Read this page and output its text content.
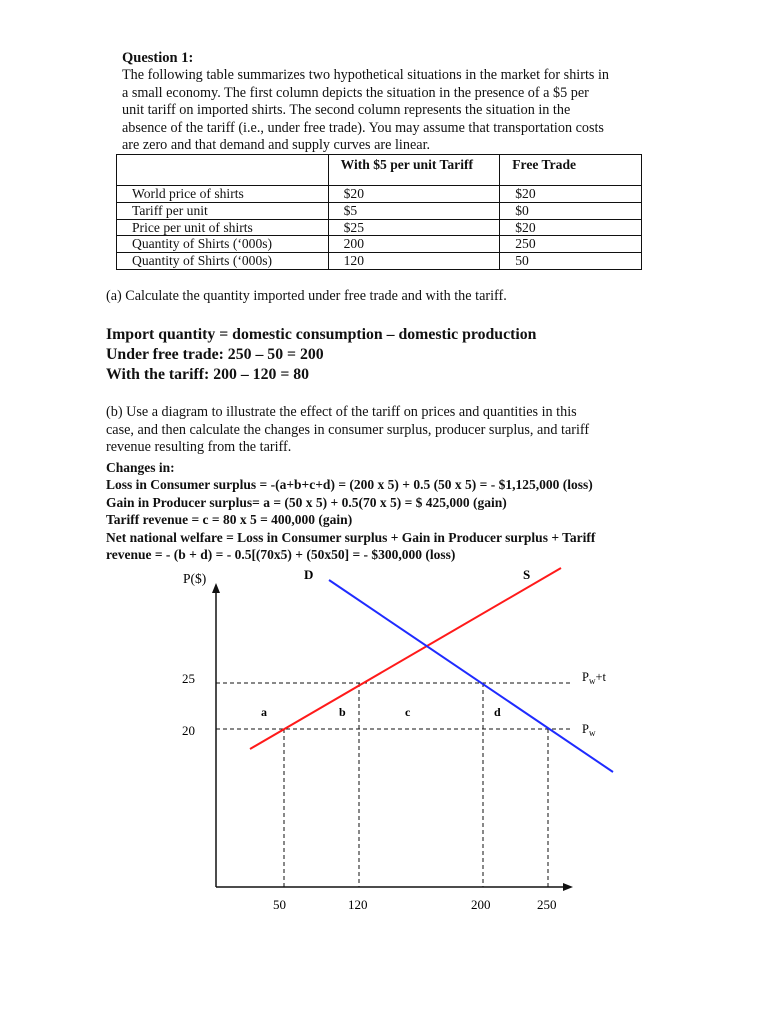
Question 1:
The following table summarizes two hypothetical situations in the market for shirts in
a small economy. The first column depicts the situation in the presence of a $5 per
unit tariff on imported shirts. The second column represents the situation in the
absence of the tariff (i.e., under free trade). You may assume that transportation costs
are zero and that demand and supply curves are linear.
	With $5 per unit Tariff	Free Trade
World price of shirts	$20	$20
Tariff per unit	$5	$0
Price per unit of shirts	$25	$20
Quantity of Shirts (‘000s)	200	250
Quantity of Shirts (‘000s)	120	50
(a) Calculate the quantity imported under free trade and with the tariff.
Import quantity = domestic consumption – domestic production
Under free trade: 250 – 50 = 200
With the tariff: 200 – 120 = 80
(b) Use a diagram to illustrate the effect of the tariff on prices and quantities in this
case, and then calculate the changes in consumer surplus, producer surplus, and tariff
revenue resulting from the tariff.
Changes in:
Loss in Consumer surplus = -(a+b+c+d) = (200 x 5) + 0.5 (50 x 5) = - $1,125,000 (loss)
Gain in Producer surplus= a = (50 x 5) + 0.5(70 x 5) = $ 425,000 (gain)
Tariff revenue = c = 80 x 5 = 400,000 (gain)
Net national welfare = Loss in Consumer surplus + Gain in Producer surplus + Tariff
revenue = - (b + d) = - 0.5[(70x5) + (50x50] = - $300,000 (loss)
P($)	D	S
25
20
50	120	200	250
a	b	c	d
$P_w+t$
$P_w$
